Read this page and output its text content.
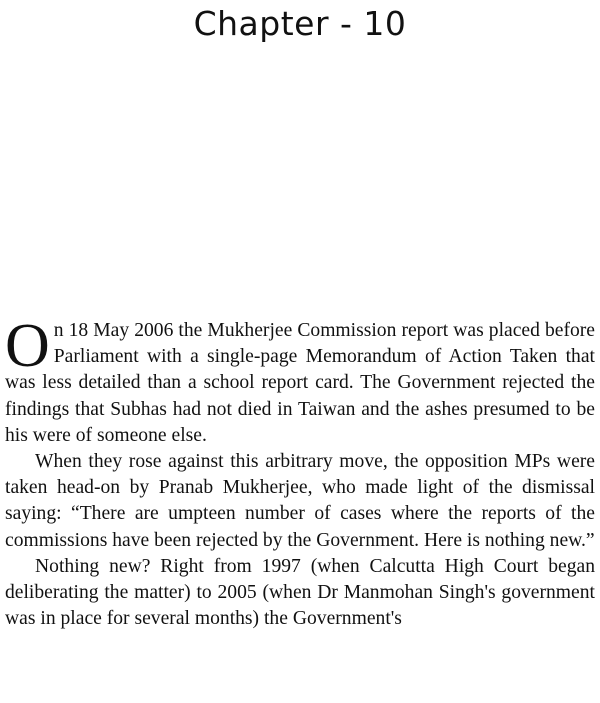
Chapter - 10

On 18 May 2006 the Mukherjee Commission report was placed before Parliament with a single-page Memorandum of Action Taken that was less detailed than a school report card. The Government rejected the findings that Subhas had not died in Taiwan and the ashes presumed to be his were of someone else.

When they rose against this arbitrary move, the opposition MPs were taken head-on by Pranab Mukherjee, who made light of the dismissal saying: “There are umpteen number of cases where the reports of the commissions have been rejected by the Government. Here is nothing new.”

Nothing new? Right from 1997 (when Calcutta High Court began deliberating the matter) to 2005 (when Dr Manmohan Singh's government was in place for several months) the Government's
